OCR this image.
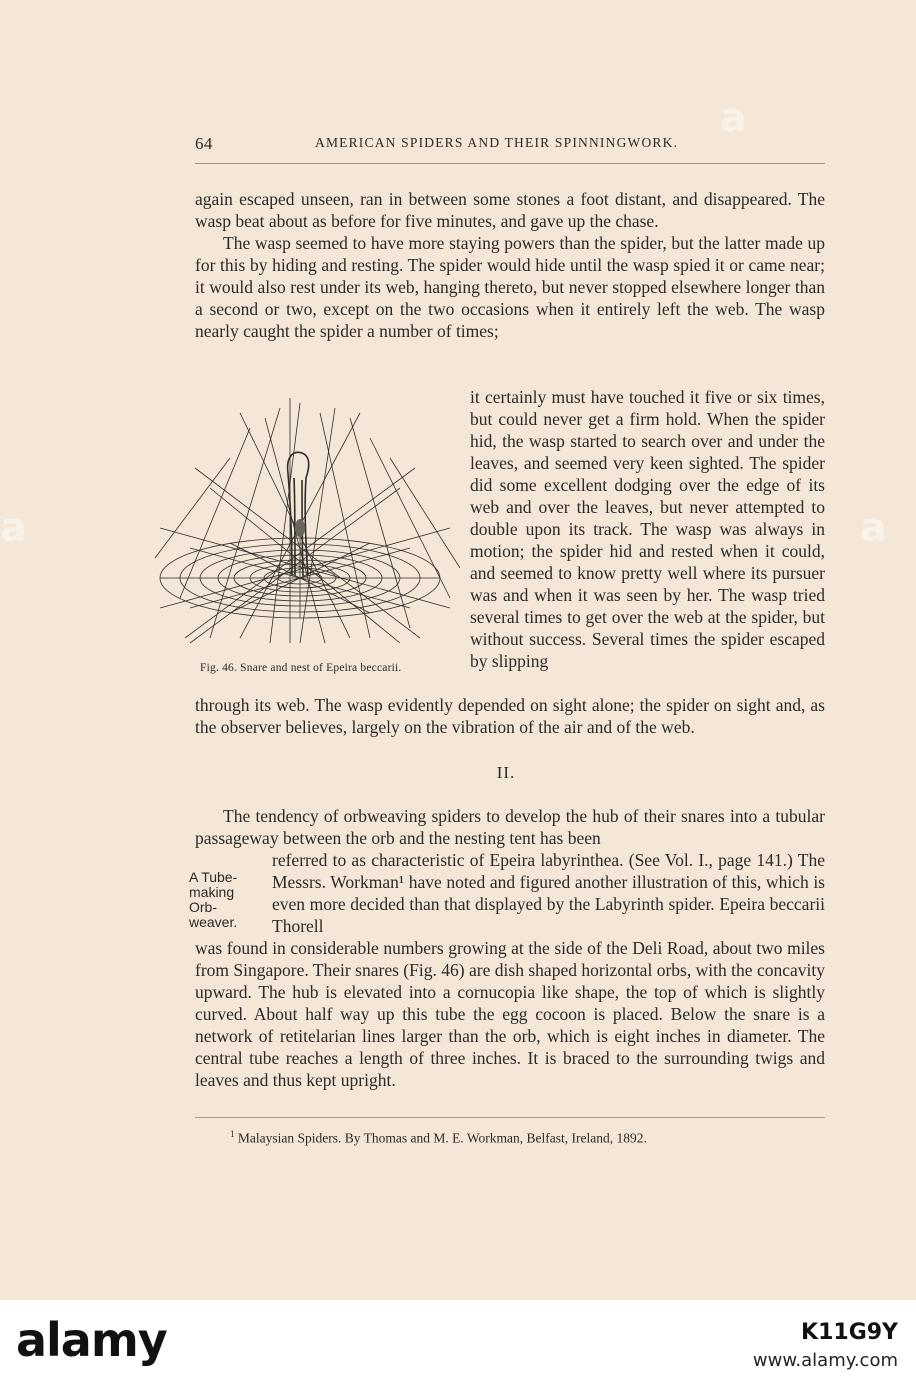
64	AMERICAN SPIDERS AND THEIR SPINNINGWORK.

again escaped unseen, ran in between some stones a foot distant, and disappeared. The wasp beat about as before for five minutes, and gave up the chase.

The wasp seemed to have more staying powers than the spider, but the latter made up for this by hiding and resting. The spider would hide until the wasp spied it or came near; it would also rest under its web, hanging thereto, but never stopped elsewhere longer than a second or two, except on the two occasions when it entirely left the web. The wasp nearly caught the spider a number of times;

Fig. 46. Snare and nest of Epeira beccarii.
it certainly must have touched it five or six times, but could never get a firm hold. When the spider hid, the wasp started to search over and under the leaves, and seemed very keen sighted. The spider did some excellent dodging over the edge of its web and over the leaves, but never attempted to double upon its track. The wasp was always in motion; the spider hid and rested when it could, and seemed to know pretty well where its pursuer was and when it was seen by her. The wasp tried several times to get over the web at the spider, but without success. Several times the spider escaped by slipping
through its web. The wasp evidently depended on sight alone; the spider on sight and, as the observer believes, largely on the vibration of the air and of the web.
II.

The tendency of orbweaving spiders to develop the hub of their snares into a tubular passageway between the orb and the nesting tent has been

A Tube-
making
Orb-
weaver.
referred to as characteristic of Epeira labyrinthea. (See Vol. I., page 141.) The Messrs. Workman¹ have noted and figured another illustration of this, which is even more decided than that displayed by the Labyrinth spider. Epeira beccarii Thorell
was found in considerable numbers growing at the side of the Deli Road, about two miles from Singapore. Their snares (Fig. 46) are dish shaped horizontal orbs, with the concavity upward. The hub is elevated into a cornucopia like shape, the top of which is slightly curved. About half way up this tube the egg cocoon is placed. Below the snare is a network of retitelarian lines larger than the orb, which is eight inches in diameter. The central tube reaches a length of three inches. It is braced to the surrounding twigs and leaves and thus kept upright.
$^1$ Malaysian Spiders. By Thomas and M. E. Workman, Belfast, Ireland, 1892.
a
a	a
alamy	K11G9Y
www.alamy.com
